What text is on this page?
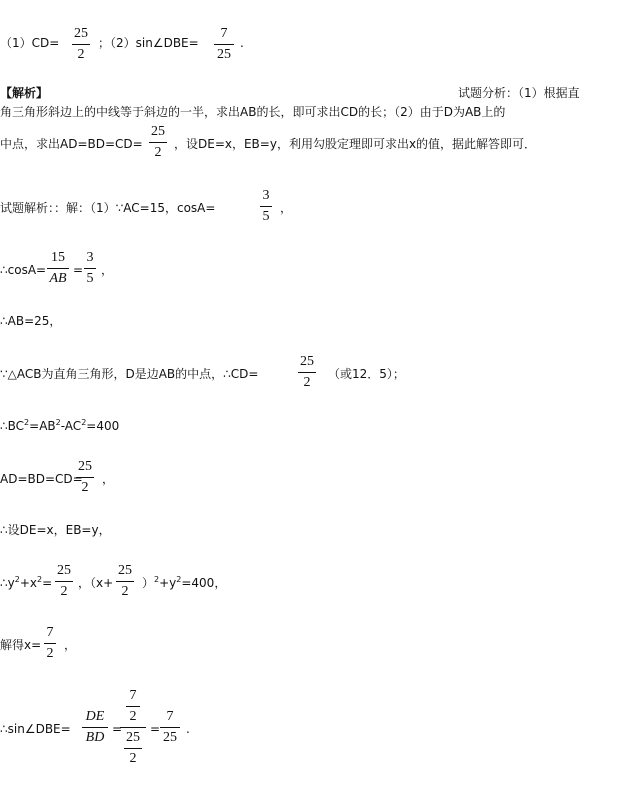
（1）CD=
25
2
；（2）sin∠DBE=
7
25
.
【解析】	试题分析：（1）根据直
角三角形斜边上的中线等于斜边的一半，求出AB的长，即可求出CD的长；（2）由于D为AB上的
中点，求出AD=BD=CD=
25
2
，设DE=x，EB=y，利用勾股定理即可求出x的值，据此解答即可．
试题解析：：解：（1）∵AC=15，cosA=
3
5
，
∴cosA=
15
AB
=
3
5
，
∴AB=25，
∵△ACB为直角三角形，D是边AB的中点，∴CD=
25
2
（或12．5）；
$\therefore BC^2=AB^2-AC^2=400$
AD=BD=CD=
25
2
，
∴设DE=x，EB=y，
$\therefore y^2+x^2=$
25
2
，（x+
25
2
）$^2+y^2=400$，
解得x=
7
2
，
∴sin∠DBE=
DE
BD
=
7
2
25
2
=
7
25
.
